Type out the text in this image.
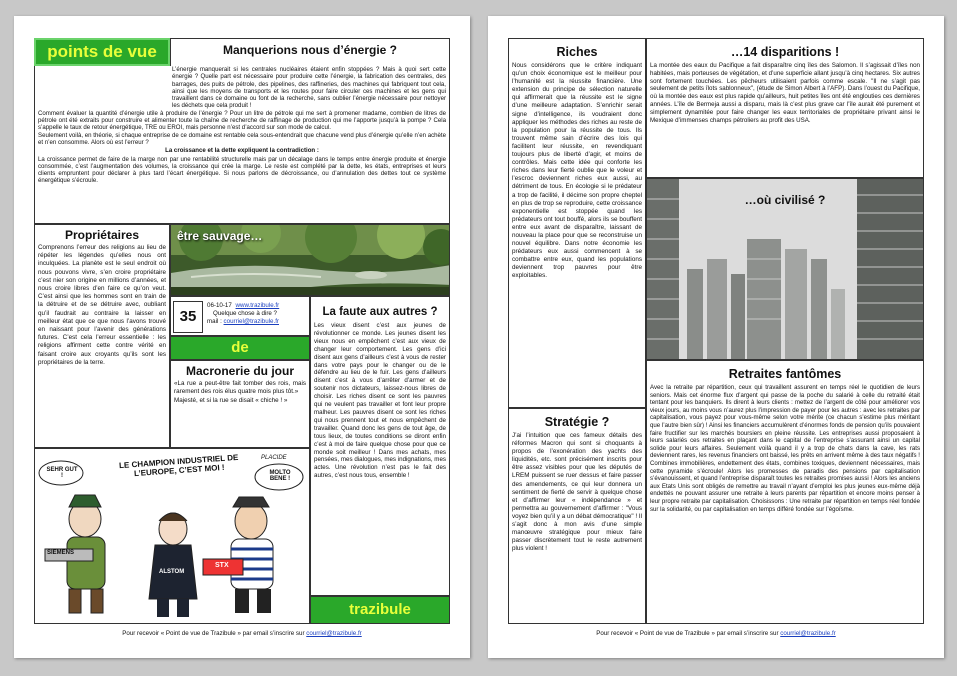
points de vue	Manquerions nous d’énergie ?

L’énergie manquerait si les centrales nucléaires étaient enfin stoppées ? Mais à quoi sert cette énergie ? Quelle part est nécessaire pour produire cette l’énergie, la fabrication des centrales, des barrages, des puits de pétrole, des pipelines, des raffineries, des machines qui fabriquent tout cela, ainsi que les moyens de transports et les routes pour faire circuler ces machines et les gens qui travaillent dans ce domaine ou font de la recherche, sans oublier l’énergie nécessaire pour nettoyer les déchets que cela produit !

Comment évaluer la quantité d’énergie utile à produire de l’énergie ? Pour un litre de pétrole qui me sert à promener madame, combien de litres de pétrole ont été extraits pour construire et alimenter toute la chaîne de recherche de raffinage de production qui me l’apporte jusqu’à la pompe ? Cela s’appelle le taux de retour énergétique, TRE ou EROI, mais personne n’est d’accord sur son mode de calcul.

Seulement voilà, en théorie, si chaque entreprise de ce domaine est rentable cela sous-entendrait que chacune vend plus d’énergie qu’elle n’en achète et n’en consomme. Alors où est l’erreur ?

La croissance et la dette expliquent la contradiction :

La croissance permet de faire de la marge non par une rentabilité structurelle mais par un décalage dans le temps entre énergie produite et énergie consommée, c’est l’augmentation des volumes, la croissance qui crée la marge. Le reste est complété par la dette, les états, entreprises et leurs clients empruntent pour déclarer à plus tard l’écart énergétique. Si nous parlons de décroissance, ou d’annulation des dettes tout ce système énergétique s’écroule.

Propriétaires
Comprenons l’erreur des religions au lieu de répéter les légendes qu’elles nous ont inculquées. La planète est le seul endroit où nous pouvons vivre, s’en croire propriétaire c’est nier son origine en millions d’années, et nous croire libres d’en faire ce qu’on veut. C’est ainsi que les hommes sont en train de la détruire et de se détruire avec, oubliant qu’il faudrait au contraire la laisser en meilleur état que ce que nous l’avons trouvé en naissant pour l’avenir des générations futures. C’est cela l’erreur essentielle : les religions affirment cette contre vérité en faisant croire aux croyants qu’ils sont les propriétaires de la terre.
être sauvage…
35
06-10-17 www.trazibule.fr
Quelque chose à dire ?
mail : courriel@trazibule.fr
de
Macronerie du jour
«La rue a peut-être fait tomber des rois, mais rarement des rois élus quatre mois plus tôt.»
Majesté, et si la rue se disait « chiche ! »
La faute aux autres ?
Les vieux disent c’est aux jeunes de révolutionner ce monde. Les jeunes disent les vieux nous en empêchent c’est aux vieux de changer leur comportement. Les gens d’ici disent aux gens d’ailleurs c’est à vous de rester dans votre pays pour le changer ou de le défendre au lieu de le fuir. Les gens d’ailleurs disent c’est à vous d’arrêter d’armer et de soutenir nos dictateurs, laissez-nous libres de choisir. Les riches disent ce sont les pauvres qui ne veulent pas travailler et font leur propre malheur. Les pauvres disent ce sont les riches qui nous prennent tout et nous empêchent de travailler. Quand donc les gens de tout âge, de tous lieux, de toutes conditions se diront enfin c’est à moi de faire quelque chose pour que ce monde soit meilleur ! Dans mes achats, mes pensées, mes dialogues, mes indignations, mes actes. Une révolution n’est pas le fait des autres, c’est nous tous, ensemble !
LE CHAMPION INDUSTRIEL DE L’EUROPE, C’EST MOI !
SEHR GUT !	MOLTO BENE !
SIEMENS
ALSTOM
STX
PLACIDE
trazibule
Pour recevoir « Point de vue de Trazibule » par email s’inscrire sur courriel@trazibule.fr
Riches
Nous considérons que le critère indiquant qu’un choix économique est le meilleur pour l’humanité est la réussite financière. Une extension du principe de sélection naturelle qui affirmerait que la réussite est le signe d’une meilleure adaptation. S’enrichir serait signe d’intelligence, ils voudraient donc appliquer les méthodes des riches au reste de la population pour la réussite de tous. Ils trouvent même sain d’écrire des lois qui facilitent leur réussite, en revendiquant toujours plus de liberté d’agir, et moins de contrôles. Mais cette idée qui conforte les riches dans leur fierté oublie que le voleur et l’escroc deviennent riches eux aussi, au détriment de tous. En écologie si le prédateur a trop de facilité, il décime son propre cheptel en plus de trop se reproduire, cette croissance exponentielle est stoppée quand les prédateurs ont tout bouffé, alors ils se bouffent entre eux avant de disparaître, laissant de nouveau la place pour que se reconstruise un nouvel équilibre. Dans notre économie les prédateurs eux aussi commencent à se combattre entre eux, quand les populations deviennent trop pauvres pour être exploitables.
…14 disparitions !
La montée des eaux du Pacifique a fait disparaître cinq îles des Salomon. Il s’agissait d’îles non habitées, mais porteuses de végétation, et d’une superficie allant jusqu’à cinq hectares. Six autres sont fortement touchées. Les pêcheurs utilisaient parfois comme escale. "Il ne s’agit pas seulement de petits îlots sablonneux", (étude de Simon Albert à l’AFP). Dans l’ouest du Pacifique, où la montée des eaux est plus rapide qu’ailleurs, huit petites îles ont été englouties ces dernières années. L’île de Bermeja aussi a disparu, mais là c’est plus grave car l’île aurait été purement et simplement dynamitée pour faire changer les eaux territoriales de propriétaire privant ainsi le Mexique d’immenses champs pétroliers au profit des USA.
…où civilisé ?
Retraites fantômes
Avec la retraite par répartition, ceux qui travaillent assurent en temps réel le quotidien de leurs seniors. Mais cet énorme flux d’argent qui passe de la poche du salarié à celle du retraité était tentant pour les banquiers. Ils dirent à leurs clients : mettez de l’argent de côté pour améliorer vos vieux jours, au moins vous n’aurez plus l’impression de payer pour les autres : avec les retraites par capitalisation, vous payez pour vous-même selon votre mérite (ce chacun s’estime plus méritant que l’autre bien sûr) ! Ainsi les financiers accumulèrent d’énormes fonds de pension qu’ils pouvaient faire fructifier sur les marchés boursiers en pleine réussite. Les entreprises aussi proposaient à leurs salariés ces retraites en plaçant dans le capital de l’entreprise s’assurant ainsi un capital solide pour leurs affaires. Seulement voilà quand il y a trop de chats dans la cave, les rats deviennent rares, les revenus financiers ont baissé, les prêts en arrivent même à des taux négatifs ! Combines immobilières, endettement des états, combines toxiques, deviennent nécessaires, mais cette pyramide s’écroule! Alors les promesses de paradis des pensions par capitalisation s’évanouissent, et quand l’entreprise disparaît toutes les retraites promises aussi ! Alors les anciens aux Etats Unis sont obligés de remettre au travail n’ayant d’emploi les plus jeunes eux-même déjà endettés ne pouvant assurer une retraite à leurs parents par répartition et encore moins penser à leur propre retraite par capitalisation. Choisissons : Une retraite par répartition en temps réel fondée sur la solidarité, ou par capitalisation en temps différé fondée sur l’égoïsme.
Stratégie ?
J’ai l’intuition que ces fameux détails des réformes Macron qui sont si choquants à propos de l’exonération des yachts des liquidités, etc. sont précisément inscrits pour être assez visibles pour que les députés de LREM puissent se ruer dessus et faire passer des amendements, ce qui leur donnera un sentiment de fierté de servir à quelque chose et d’affirmer leur « indépendance » et permettra au gouvernement d’affirmer : "Vous voyez bien qu’il y a un débat démocratique" ! Il s’agit donc à mon avis d’une simple manœuvre stratégique pour mieux faire passer discrètement tout le reste autrement plus violent !
Pour recevoir « Point de vue de Trazibule » par email s’inscrire sur courriel@trazibule.fr
